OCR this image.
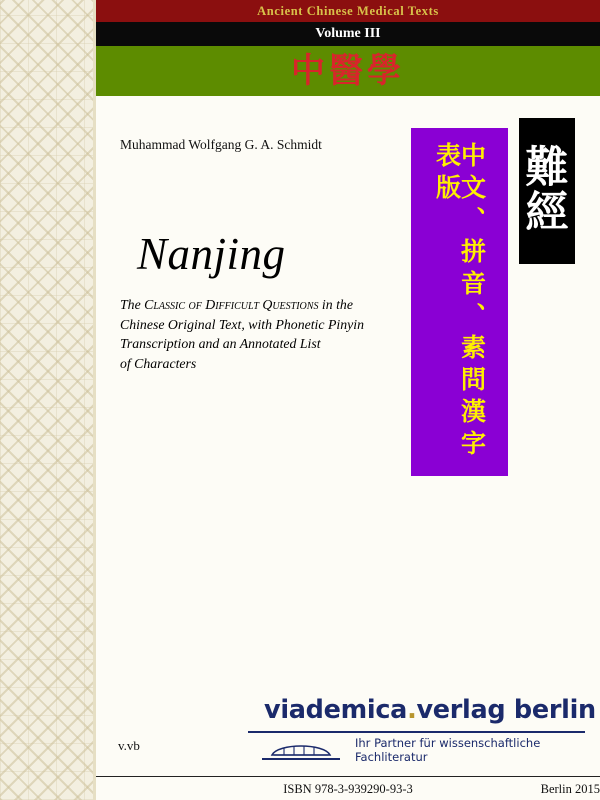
Ancient Chinese Medical Texts
Volume III
中醫學
Muhammad Wolfgang G. A. Schmidt
Nanjing
The Classic of Difficult Questions in the
Chinese Original Text, with Phonetic Pinyin
Transcription and an Annotated List
of Characters	中文、拼音、素問漢字表版	難
經
viademica.verlag berlin
Ihr Partner für wissenschaftliche Fachliteratur
v.vb
ISBN 978-3-939290-93-3	Berlin 2015
